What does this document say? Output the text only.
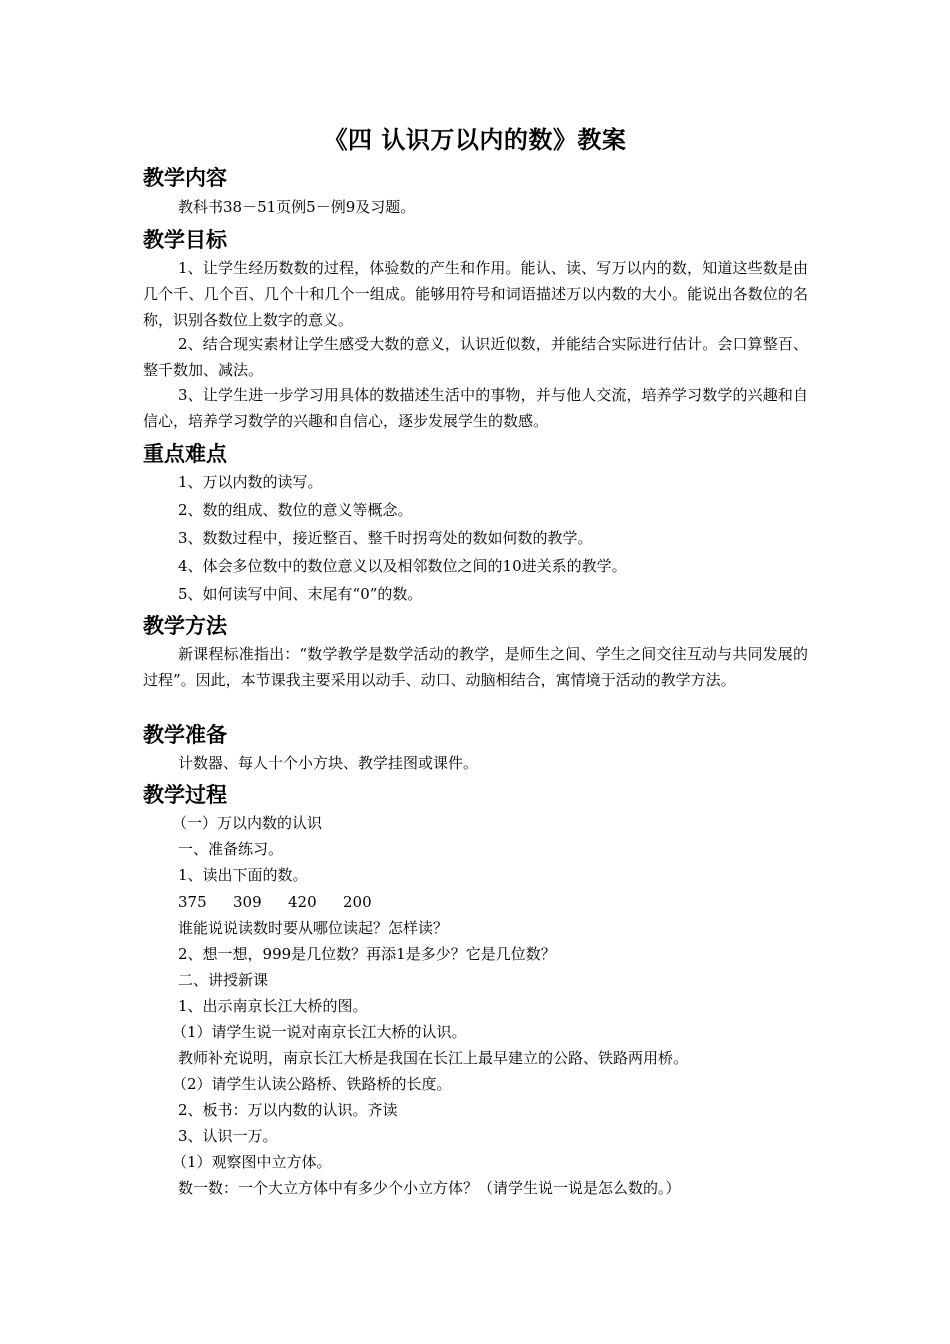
《四 认识万以内的数》教案
教学内容

教科书38－51页例5－例9及习题。

教学目标

1、让学生经历数数的过程，体验数的产生和作用。能认、读、写万以内的数，知道这些数是由几个千、几个百、几个十和几个一组成。能够用符号和词语描述万以内数的大小。能说出各数位的名称，识别各数位上数字的意义。

2、结合现实素材让学生感受大数的意义，认识近似数，并能结合实际进行估计。会口算整百、整千数加、减法。

3、让学生进一步学习用具体的数描述生活中的事物，并与他人交流，培养学习数学的兴趣和自信心，培养学习数学的兴趣和自信心，逐步发展学生的数感。

重点难点
1、万以内数的读写。
2、数的组成、数位的意义等概念。
3、数数过程中，接近整百、整千时拐弯处的数如何数的教学。
4、体会多位数中的数位意义以及相邻数位之间的10进关系的教学。
5、如何读写中间、末尾有“0”的数。
教学方法

新课程标准指出：“数学教学是数学活动的教学，是师生之间、学生之间交往互动与共同发展的过程”。因此，本节课我主要采用以动手、动口、动脑相结合，寓情境于活动的教学方法。

教学准备

计数器、每人十个小方块、教学挂图或课件。

教学过程
（一）万以内数的认识
一、准备练习。
1、读出下面的数。
375 309 420 200
谁能说说读数时要从哪位读起？怎样读？
2、想一想，999是几位数？再添1是多少？它是几位数？
二、讲授新课
1、出示南京长江大桥的图。
（1）请学生说一说对南京长江大桥的认识。
教师补充说明，南京长江大桥是我国在长江上最早建立的公路、铁路两用桥。
（2）请学生认读公路桥、铁路桥的长度。
2、板书：万以内数的认识。齐读
3、认识一万。
（1）观察图中立方体。
数一数：一个大立方体中有多少个小立方体？（请学生说一说是怎么数的。）
